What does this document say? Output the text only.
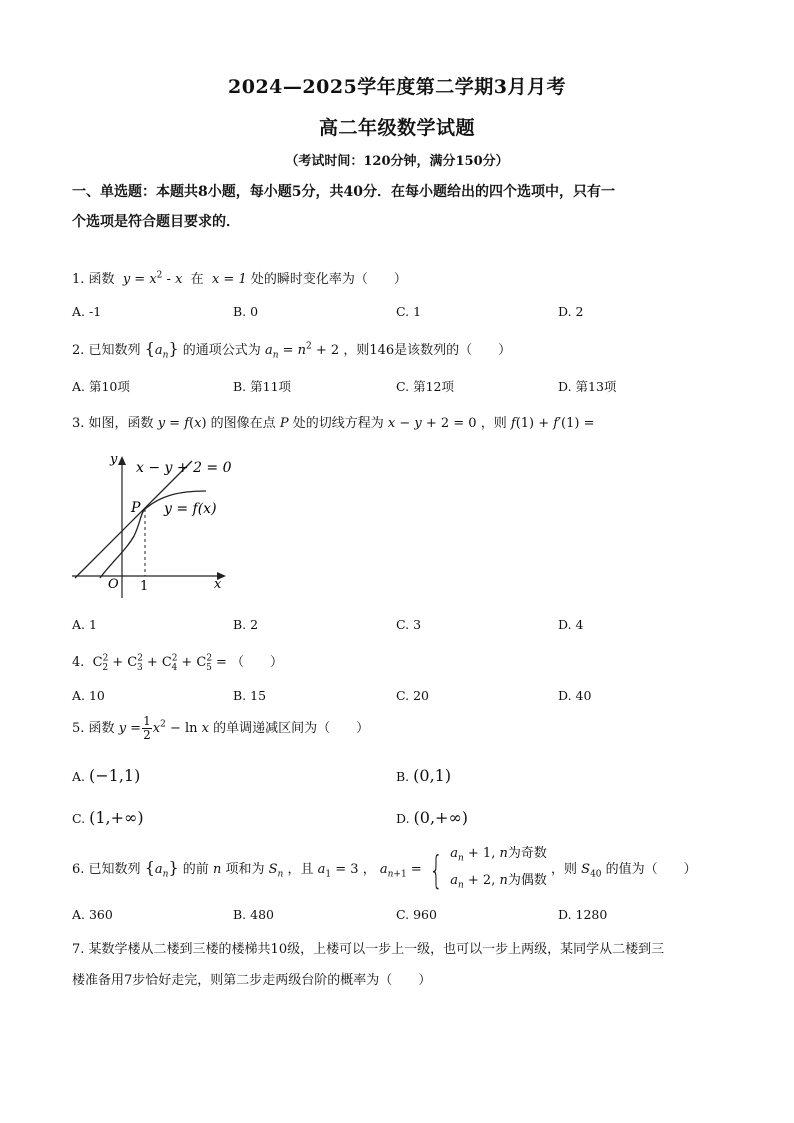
2024—2025学年度第二学期3月月考
高二年级数学试题
（考试时间：120分钟，满分150分）
一、单选题：本题共8小题，每小题5分，共40分．在每小题给出的四个选项中，只有一
个选项是符合题目要求的．
1. 函数  $y = x^2 - x$  在  x = 1 处的瞬时变化率为（　　）
A. -1	B. 0	C. 1	D. 2
2. 已知数列 $\{a_n\}$ 的通项公式为 $a_n = n^2 + 2$ ，则146是该数列的（　　）
A. 第10项	B. 第11项	C. 第12项	D. 第13项
3. 如图，函数 y = f(x) 的图像在点 P 处的切线方程为 x − y + 2 = 0 ，则 f(1) + f′(1) =
x − y + 2 = 0
y = f(x)
P
O	x
y
1
A. 1	B. 2	C. 3	D. 4
4.  $C^2_2 + C^2_3 + C^2_4 + C^2_5$ = （　　）
A. 10	B. 15	C. 20	D. 40
5. 函数 $y = \frac{1}{2} x^2 - \ln x$ 的单调递减区间为（　　）
A. (−1,1)	B. (0,1)
C. (1,+∞)	D. (0,+∞)
6. 已知数列 $\{a_n\}$ 的前 n 项和为 $S_n$ ，且 $a_1 = 3$ ， $a_{n+1}$ = { $a_n + 1$, n为奇数
$a_n + 2$, n为偶数
，则 $S_{40}$ 的值为（　　）
A. 360	B. 480	C. 960	D. 1280
7. 某数学楼从二楼到三楼的楼梯共10级，上楼可以一步上一级，也可以一步上两级，某同学从二楼到三
楼准备用7步恰好走完，则第二步走两级台阶的概率为（　　）
